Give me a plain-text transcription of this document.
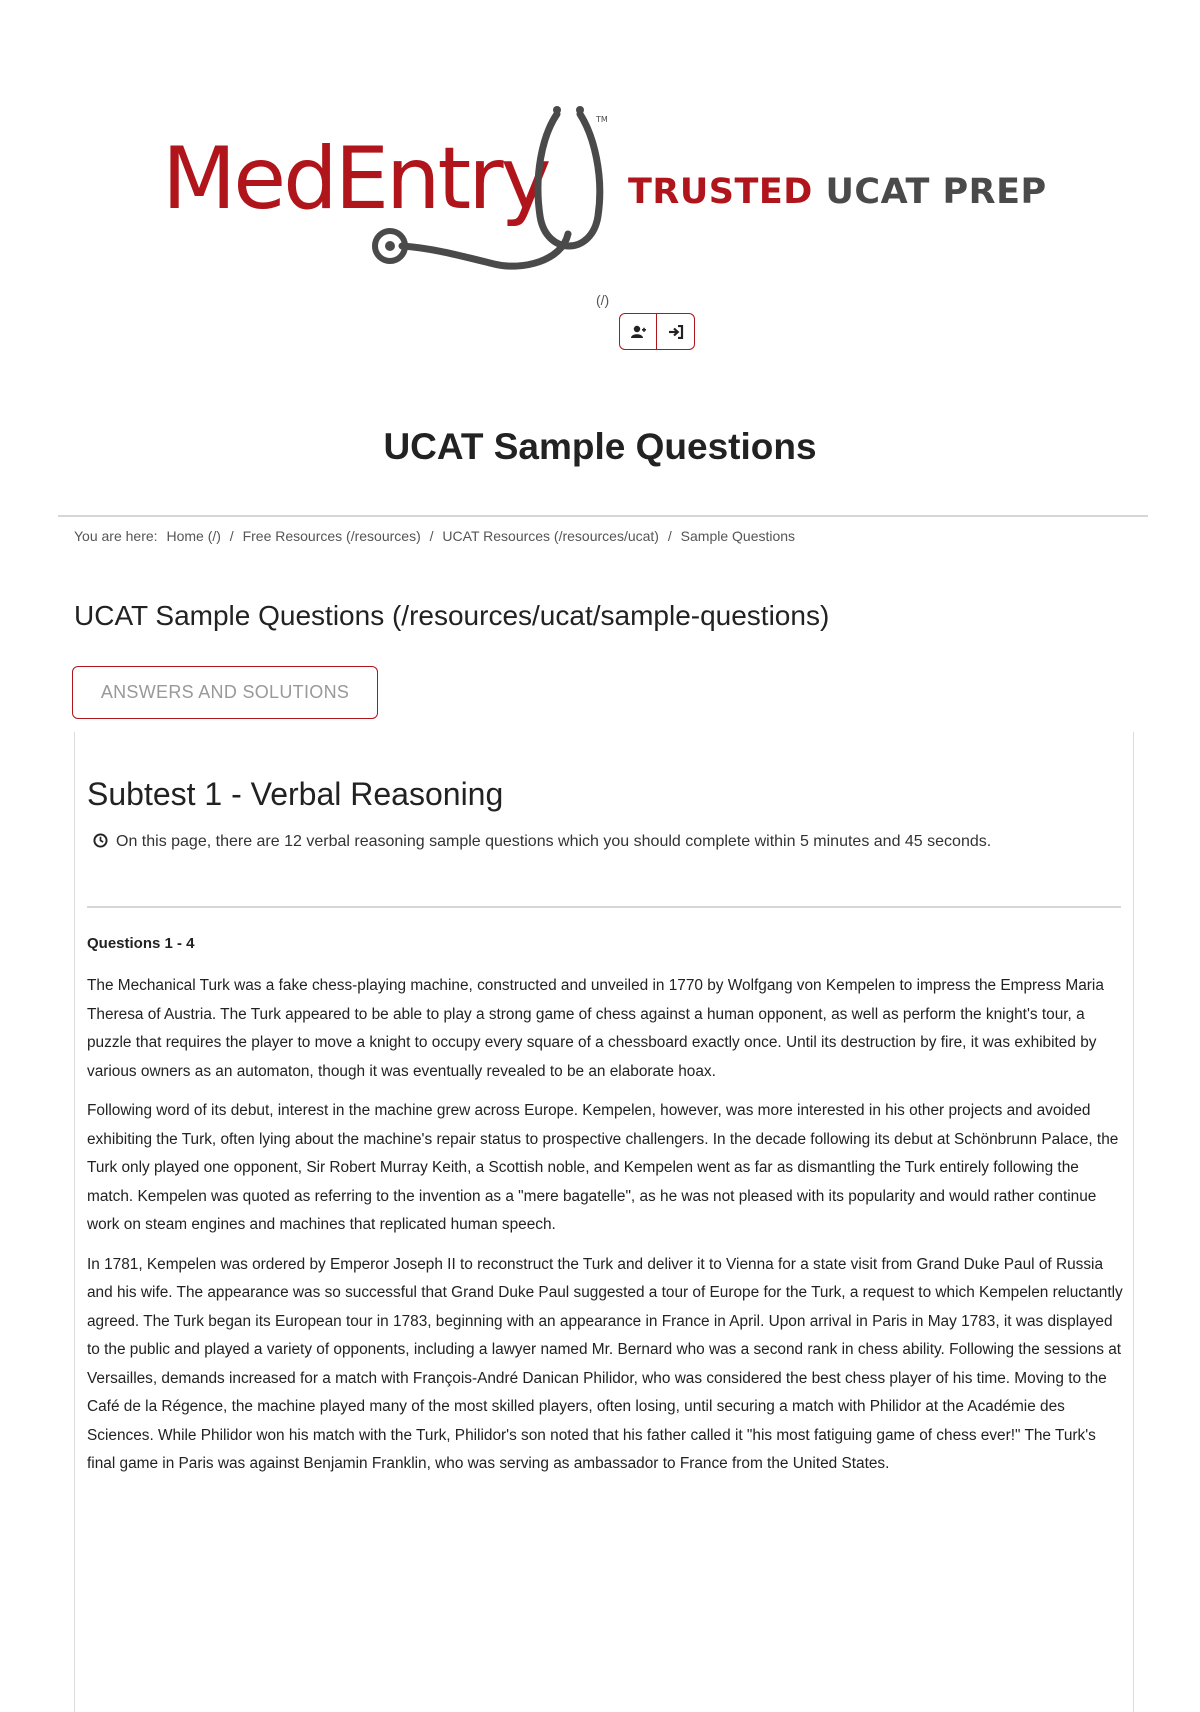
MedEntry
TM
TRUSTED UCAT PREP
(/)
UCAT Sample Questions
You are here: Home (/) / Free Resources (/resources) / UCAT Resources (/resources/ucat) / Sample Questions
UCAT Sample Questions (/resources/ucat/sample-questions)
ANSWERS AND SOLUTIONS
Subtest 1 - Verbal Reasoning
On this page, there are 12 verbal reasoning sample questions which you should complete within 5 minutes and 45 seconds.
Questions 1 - 4

The Mechanical Turk was a fake chess-playing machine, constructed and unveiled in 1770 by Wolfgang von Kempelen to impress the Empress Maria Theresa of Austria. The Turk appeared to be able to play a strong game of chess against a human opponent, as well as perform the knight's tour, a puzzle that requires the player to move a knight to occupy every square of a chessboard exactly once. Until its destruction by fire, it was exhibited by various owners as an automaton, though it was eventually revealed to be an elaborate hoax.

Following word of its debut, interest in the machine grew across Europe. Kempelen, however, was more interested in his other projects and avoided exhibiting the Turk, often lying about the machine's repair status to prospective challengers. In the decade following its debut at Schönbrunn Palace, the Turk only played one opponent, Sir Robert Murray Keith, a Scottish noble, and Kempelen went as far as dismantling the Turk entirely following the match. Kempelen was quoted as referring to the invention as a "mere bagatelle", as he was not pleased with its popularity and would rather continue work on steam engines and machines that replicated human speech.

In 1781, Kempelen was ordered by Emperor Joseph II to reconstruct the Turk and deliver it to Vienna for a state visit from Grand Duke Paul of Russia and his wife. The appearance was so successful that Grand Duke Paul suggested a tour of Europe for the Turk, a request to which Kempelen reluctantly agreed. The Turk began its European tour in 1783, beginning with an appearance in France in April. Upon arrival in Paris in May 1783, it was displayed to the public and played a variety of opponents, including a lawyer named Mr. Bernard who was a second rank in chess ability. Following the sessions at Versailles, demands increased for a match with François-André Danican Philidor, who was considered the best chess player of his time. Moving to the Café de la Régence, the machine played many of the most skilled players, often losing, until securing a match with Philidor at the Académie des Sciences. While Philidor won his match with the Turk, Philidor's son noted that his father called it "his most fatiguing game of chess ever!" The Turk's final game in Paris was against Benjamin Franklin, who was serving as ambassador to France from the United States.
